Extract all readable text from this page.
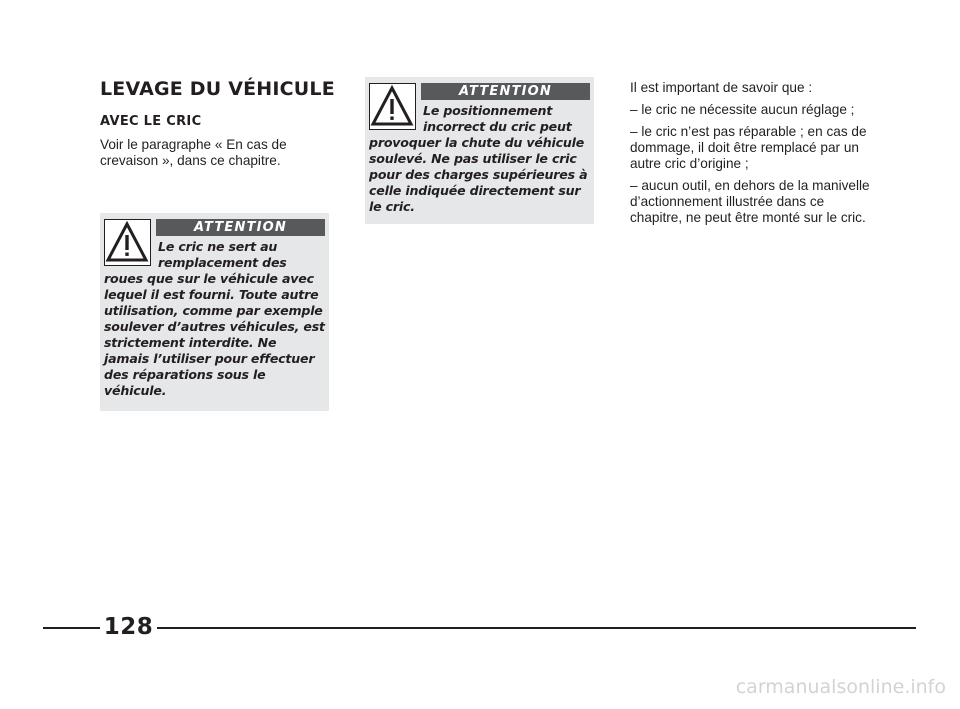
LEVAGE DU VÉHICULE
AVEC LE CRIC

Voir le paragraphe « En cas de crevaison », dans ce chapitre.

ATTENTION

Le cric ne sert au remplacement des roues que sur le véhicule avec lequel il est fourni. Toute autre utilisation, comme par exemple soulever d’autres véhicules, est strictement interdite. Ne jamais l’utiliser pour effectuer des réparations sous le véhicule.

ATTENTION

Le positionnement incorrect du cric peut provoquer la chute du véhicule soulevé. Ne pas utiliser le cric pour des charges supérieures à celle indiquée directement sur le cric.

Il est important de savoir que :

– le cric ne nécessite aucun réglage ;

– le cric n’est pas réparable ; en cas de dommage, il doit être remplacé par un autre cric d’origine ;

– aucun outil, en dehors de la manivelle d’actionnement illustrée dans ce chapitre, ne peut être monté sur le cric.

128
carmanualsonline.info
